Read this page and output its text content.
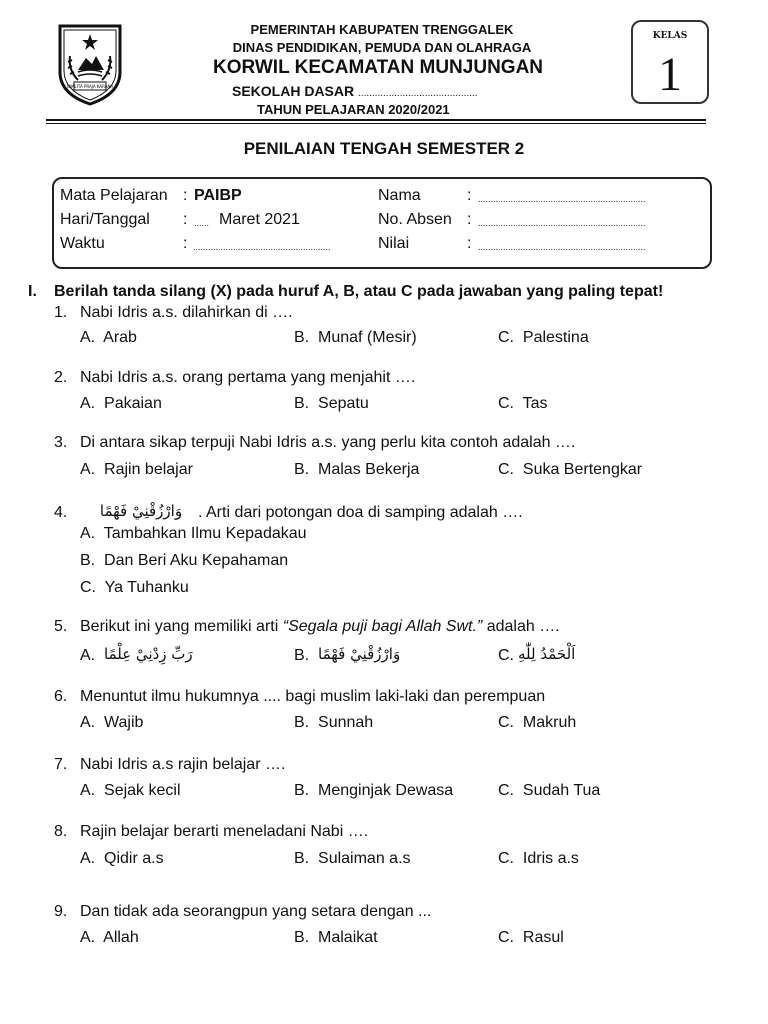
JWALITA PRAJA KARANA
PEMERINTAH KABUPATEN TRENGGALEK
DINAS PENDIDIKAN, PEMUDA DAN OLAHRAGA
KORWIL KECAMATAN MUNJUNGAN
SEKOLAH DASAR ...........................................
TAHUN PELAJARAN 2020/2021
KELAS
1
PENILAIAN TENGAH SEMESTER 2
Mata Pelajaran : PAIBP
Hari/Tanggal : ...... Maret 2021
Waktu	: .......................................................
Nama	: ...................................................................
No. Absen : ...................................................................
Nilai	: ...................................................................
I. Berilah tanda silang (X) pada huruf A, B, atau C pada jawaban yang paling tepat!
1. Nabi Idris a.s. dilahirkan di ….
A. Arab	B. Munaf (Mesir)	C. Palestina
2. Nabi Idris a.s. orang pertama yang menjahit ….
A. Pakaian	B. Sepatu	C. Tas
3. Di antara sikap terpuji Nabi Idris a.s. yang perlu kita contoh adalah ….
A. Rajin belajar	B. Malas Bekerja	C. Suka Bertengkar
4.	وَارْزُقْنِيْ فَهْمًا . Arti dari potongan doa di samping adalah ….
A. Tambahkan Ilmu Kepadakau
B. Dan Beri Aku Kepahaman
C. Ya Tuhanku
5. Berikut ini yang memiliki arti “Segala puji bagi Allah Swt.” adalah ….
A. رَبِّ زِدْنِيْ عِلْمًا	B. وَارْزُقْنِيْ فَهْمًا	C. اَلْحَمْدُ لِلّٰهِ
6. Menuntut ilmu hukumnya .... bagi muslim laki-laki dan perempuan
A. Wajib	B. Sunnah	C. Makruh
7. Nabi Idris a.s rajin belajar ….
A. Sejak kecil	B. Menginjak Dewasa	C. Sudah Tua
8. Rajin belajar berarti meneladani Nabi ….
A. Qidir a.s	B. Sulaiman a.s	C. Idris a.s
9. Dan tidak ada seorangpun yang setara dengan ...
A. Allah	B. Malaikat	C. Rasul
